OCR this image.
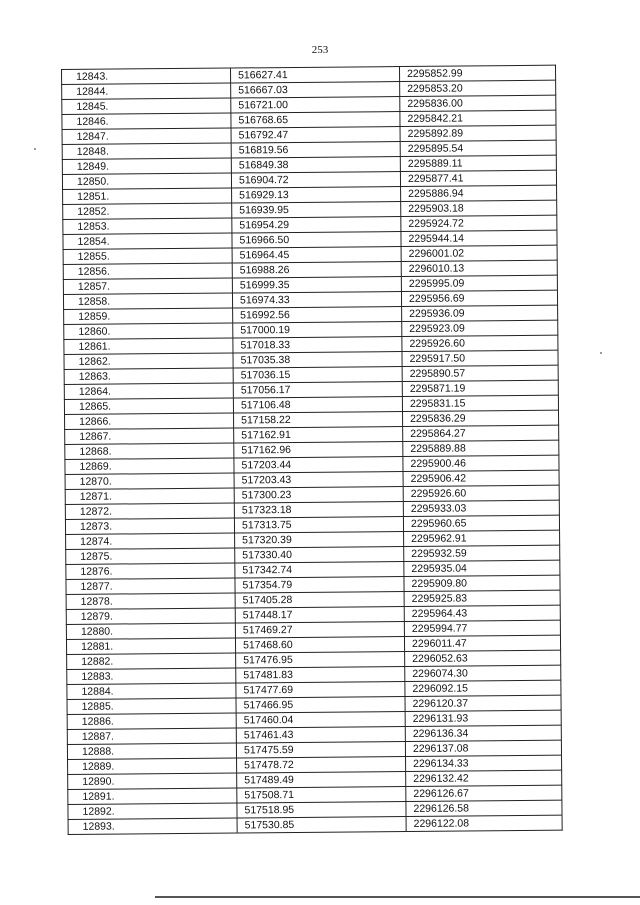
253
12843.	516627.41	2295852.99
12844.	516667.03	2295853.20
12845.	516721.00	2295836.00
12846.	516768.65	2295842.21
12847.	516792.47	2295892.89
12848.	516819.56	2295895.54
12849.	516849.38	2295889.11
12850.	516904.72	2295877.41
12851.	516929.13	2295886.94
12852.	516939.95	2295903.18
12853.	516954.29	2295924.72
12854.	516966.50	2295944.14
12855.	516964.45	2296001.02
12856.	516988.26	2296010.13
12857.	516999.35	2295995.09
12858.	516974.33	2295956.69
12859.	516992.56	2295936.09
12860.	517000.19	2295923.09
12861.	517018.33	2295926.60
12862.	517035.38	2295917.50
12863.	517036.15	2295890.57
12864.	517056.17	2295871.19
12865.	517106.48	2295831.15
12866.	517158.22	2295836.29
12867.	517162.91	2295864.27
12868.	517162.96	2295889.88
12869.	517203.44	2295900.46
12870.	517203.43	2295906.42
12871.	517300.23	2295926.60
12872.	517323.18	2295933.03
12873.	517313.75	2295960.65
12874.	517320.39	2295962.91
12875.	517330.40	2295932.59
12876.	517342.74	2295935.04
12877.	517354.79	2295909.80
12878.	517405.28	2295925.83
12879.	517448.17	2295964.43
12880.	517469.27	2295994.77
12881.	517468.60	2296011.47
12882.	517476.95	2296052.63
12883.	517481.83	2296074.30
12884.	517477.69	2296092.15
12885.	517466.95	2296120.37
12886.	517460.04	2296131.93
12887.	517461.43	2296136.34
12888.	517475.59	2296137.08
12889.	517478.72	2296134.33
12890.	517489.49	2296132.42
12891.	517508.71	2296126.67
12892.	517518.95	2296126.58
12893.	517530.85	2296122.08
